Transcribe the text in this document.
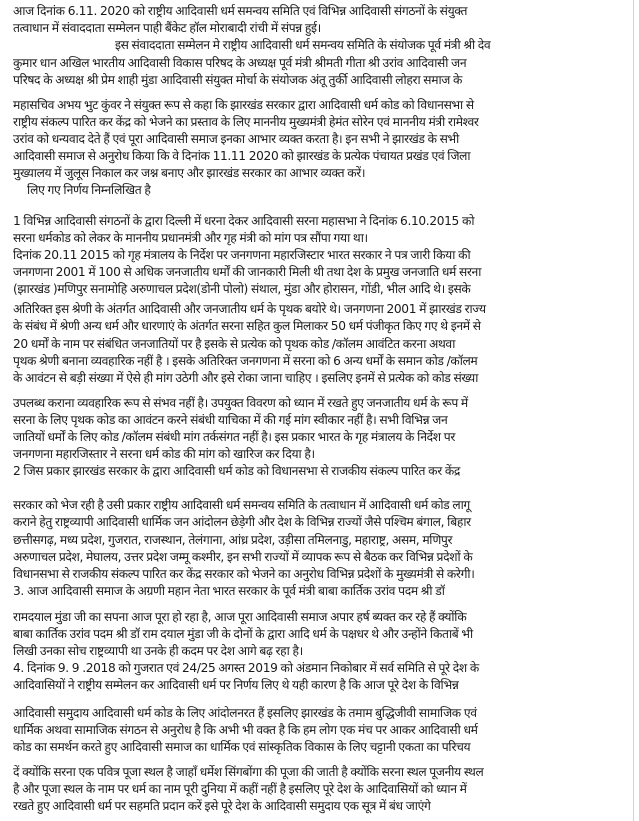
आज दिनांक 6.11. 2020 को राष्ट्रीय आदिवासी धर्म समन्वय समिति एवं विभिन्न आदिवासी संगठनों के संयुक्त
तत्वाधान में संवाददाता सम्मेलन पाही बैंकेट हॉल मोराबादी रांची में संपन्न हुई।
इस संवाददाता सम्मेलन मे राष्ट्रीय आदिवासी धर्म समन्वय समिति के संयोजक पूर्व मंत्री श्री देव
कुमार धान अखिल भारतीय आदिवासी विकास परिषद के अध्यक्ष पूर्व मंत्री श्रीमती गीता श्री उरांव आदिवासी जन
परिषद के अध्यक्ष श्री प्रेम शाही मुंडा आदिवासी संयुक्त मोर्चा के संयोजक अंतू तुर्की आदिवासी लोहरा समाज के
महासचिव अभय भुट कुंवर ने संयुक्त रूप से कहा कि झारखंड सरकार द्वारा आदिवासी धर्म कोड को विधानसभा से
राष्ट्रीय संकल्प पारित कर केंद्र को भेजने का प्रस्ताव के लिए माननीय मुख्यमंत्री हेमंत सोरेन एवं माननीय मंत्री रामेश्वर
उरांव को धन्यवाद देते हैं एवं पूरा आदिवासी समाज इनका आभार व्यक्त करता है। इन सभी ने झारखंड के सभी
आदिवासी समाज से अनुरोध किया कि वे दिनांक 11.11 2020 को झारखंड के प्रत्येक पंचायत प्रखंड एवं जिला
मुख्यालय में जुलूस निकाल कर जश्न बनाए और झारखंड सरकार का आभार व्यक्त करें।
लिए गए निर्णय निम्नलिखित है
1 विभिन्न आदिवासी संगठनों के द्वारा दिल्ली में धरना देकर आदिवासी सरना महासभा ने दिनांक 6.10.2015 को
सरना धर्मकोड को लेकर के माननीय प्रधानमंत्री और गृह मंत्री को मांग पत्र सौंपा गया था।
दिनांक 20.11 2015 को गृह मंत्रालय के निर्देश पर जनगणना महारजिस्टार भारत सरकार ने पत्र जारी किया की
जनगणना 2001 में 100 से अधिक जनजातीय धर्मों की जानकारी मिली थी तथा देश के प्रमुख जनजाति धर्म सरना
(झारखंड )मणिपुर सनामोहि अरुणाचल प्रदेश(डोनी पोलो) संथाल, मुंडा और होरासन, गोंडी, भील आदि थे। इसके
अतिरिक्त इस श्रेणी के अंतर्गत आदिवासी और जनजातीय धर्म के पृथक बयोरे थे। जनगणना 2001 में झारखंड राज्य
के संबंध में श्रेणी अन्य धर्म और धारणाएं के अंतर्गत सरना सहित कुल मिलाकर 50 धर्म पंजीकृत किए गए थे इनमें से
20 धर्मों के नाम पर संबंधित जनजातियों पर है इसके से प्रत्येक को पृथक कोड /कॉलम आवंटित करना अथवा
पृथक श्रेणी बनाना व्यवहारिक नहीं है । इसके अतिरिक्त जनगणना में सरना को 6 अन्य धर्मों के समान कोड /कॉलम
के आवंटन से बड़ी संख्या में ऐसे ही मांग उठेगी और इसे रोका जाना चाहिए । इसलिए इनमें से प्रत्येक को कोड संख्या
उपलब्ध कराना व्यवहारिक रूप से संभव नहीं है। उपयुक्त विवरण को ध्यान में रखते हुए जनजातीय धर्म के रूप में
सरना के लिए पृथक कोड का आवंटन करने संबंधी याचिका में की गई मांग स्वीकार नहीं है। सभी विभिन्न जन
जातियों धर्मों के लिए कोड /कॉलम संबंधी मांग तर्कसंगत नहीं है। इस प्रकार भारत के गृह मंत्रालय के निर्देश पर
जनगणना महारजिस्तार ने सरना धर्म कोड की मांग को खारिज कर दिया है।
2 जिस प्रकार झारखंड सरकार के द्वारा आदिवासी धर्म कोड को विधानसभा से राजकीय संकल्प पारित कर केंद्र
सरकार को भेज रही है उसी प्रकार राष्ट्रीय आदिवासी धर्म समन्वय समिति के तत्वाधान में आदिवासी धर्म कोड लागू
कराने हेतु राष्ट्रव्यापी आदिवासी धार्मिक जन आंदोलन छेड़ेगी और देश के विभिन्न राज्यों जैसे पश्चिम बंगाल, बिहार
छत्तीसगढ़, मध्य प्रदेश, गुजरात, राजस्थान, तेलंगाना, आंध्र प्रदेश, उड़ीसा तमिलनाडु, महाराष्ट्र, असम, मणिपुर
अरुणाचल प्रदेश, मेघालय, उत्तर प्रदेश जम्मू कश्मीर, इन सभी राज्यों में व्यापक रूप से बैठक कर विभिन्न प्रदेशों के
विधानसभा से राजकीय संकल्प पारित कर केंद्र सरकार को भेजने का अनुरोध विभिन्न प्रदेशों के मुख्यमंत्री से करेगी।
3. आज आदिवासी समाज के अग्रणी महान नेता भारत सरकार के पूर्व मंत्री बाबा कार्तिक उरांव पदम श्री डॉ
रामदयाल मुंडा जी का सपना आज पूरा हो रहा है, आज पूरा आदिवासी समाज अपार हर्ष ब्यक्त कर रहे हैं क्योंकि
बाबा कार्तिक उरांव पदम श्री डॉ राम दयाल मुंडा जी के दोनों के द्वारा आदि धर्म के पक्षधर थे और उन्होंने किताबें भी
लिखी उनका सोच राष्ट्रव्यापी था उनके ही कदम पर देश आगे बढ़ रहा है।
4. दिनांक 9. 9 .2018 को गुजरात एवं 24/25 अगस्त 2019 को अंडमान निकोबार में सर्व समिति से पूरे देश के
आदिवासियों ने राष्ट्रीय सम्मेलन कर आदिवासी धर्म पर निर्णय लिए थे यही कारण है कि आज पूरे देश के विभिन्न
आदिवासी समुदाय आदिवासी धर्म कोड के लिए आंदोलनरत हैं इसलिए झारखंड के तमाम बुद्धिजीवी सामाजिक एवं
धार्मिक अथवा सामाजिक संगठन से अनुरोध है कि अभी भी वक्त है कि हम लोग एक मंच पर आकर आदिवासी धर्म
कोड का समर्थन करते हुए आदिवासी समाज का धार्मिक एवं सांस्कृतिक विकास के लिए चट्टानी एकता का परिचय
दें क्योंकि सरना एक पवित्र पूजा स्थल है जाहाँ धर्मेश सिंगबोंगा की पूजा की जाती है क्योंकि सरना स्थल पूजनीय स्थल
है और पूजा स्थल के नाम पर धर्म का नाम पूरी दुनिया में कहीं नहीं है इसलिए पूरे देश के आदिवासियों को ध्यान में
रखते हुए आदिवासी धर्म पर सहमति प्रदान करें इसे पूरे देश के आदिवासी समुदाय एक सूत्र में बंध जाएंगे
